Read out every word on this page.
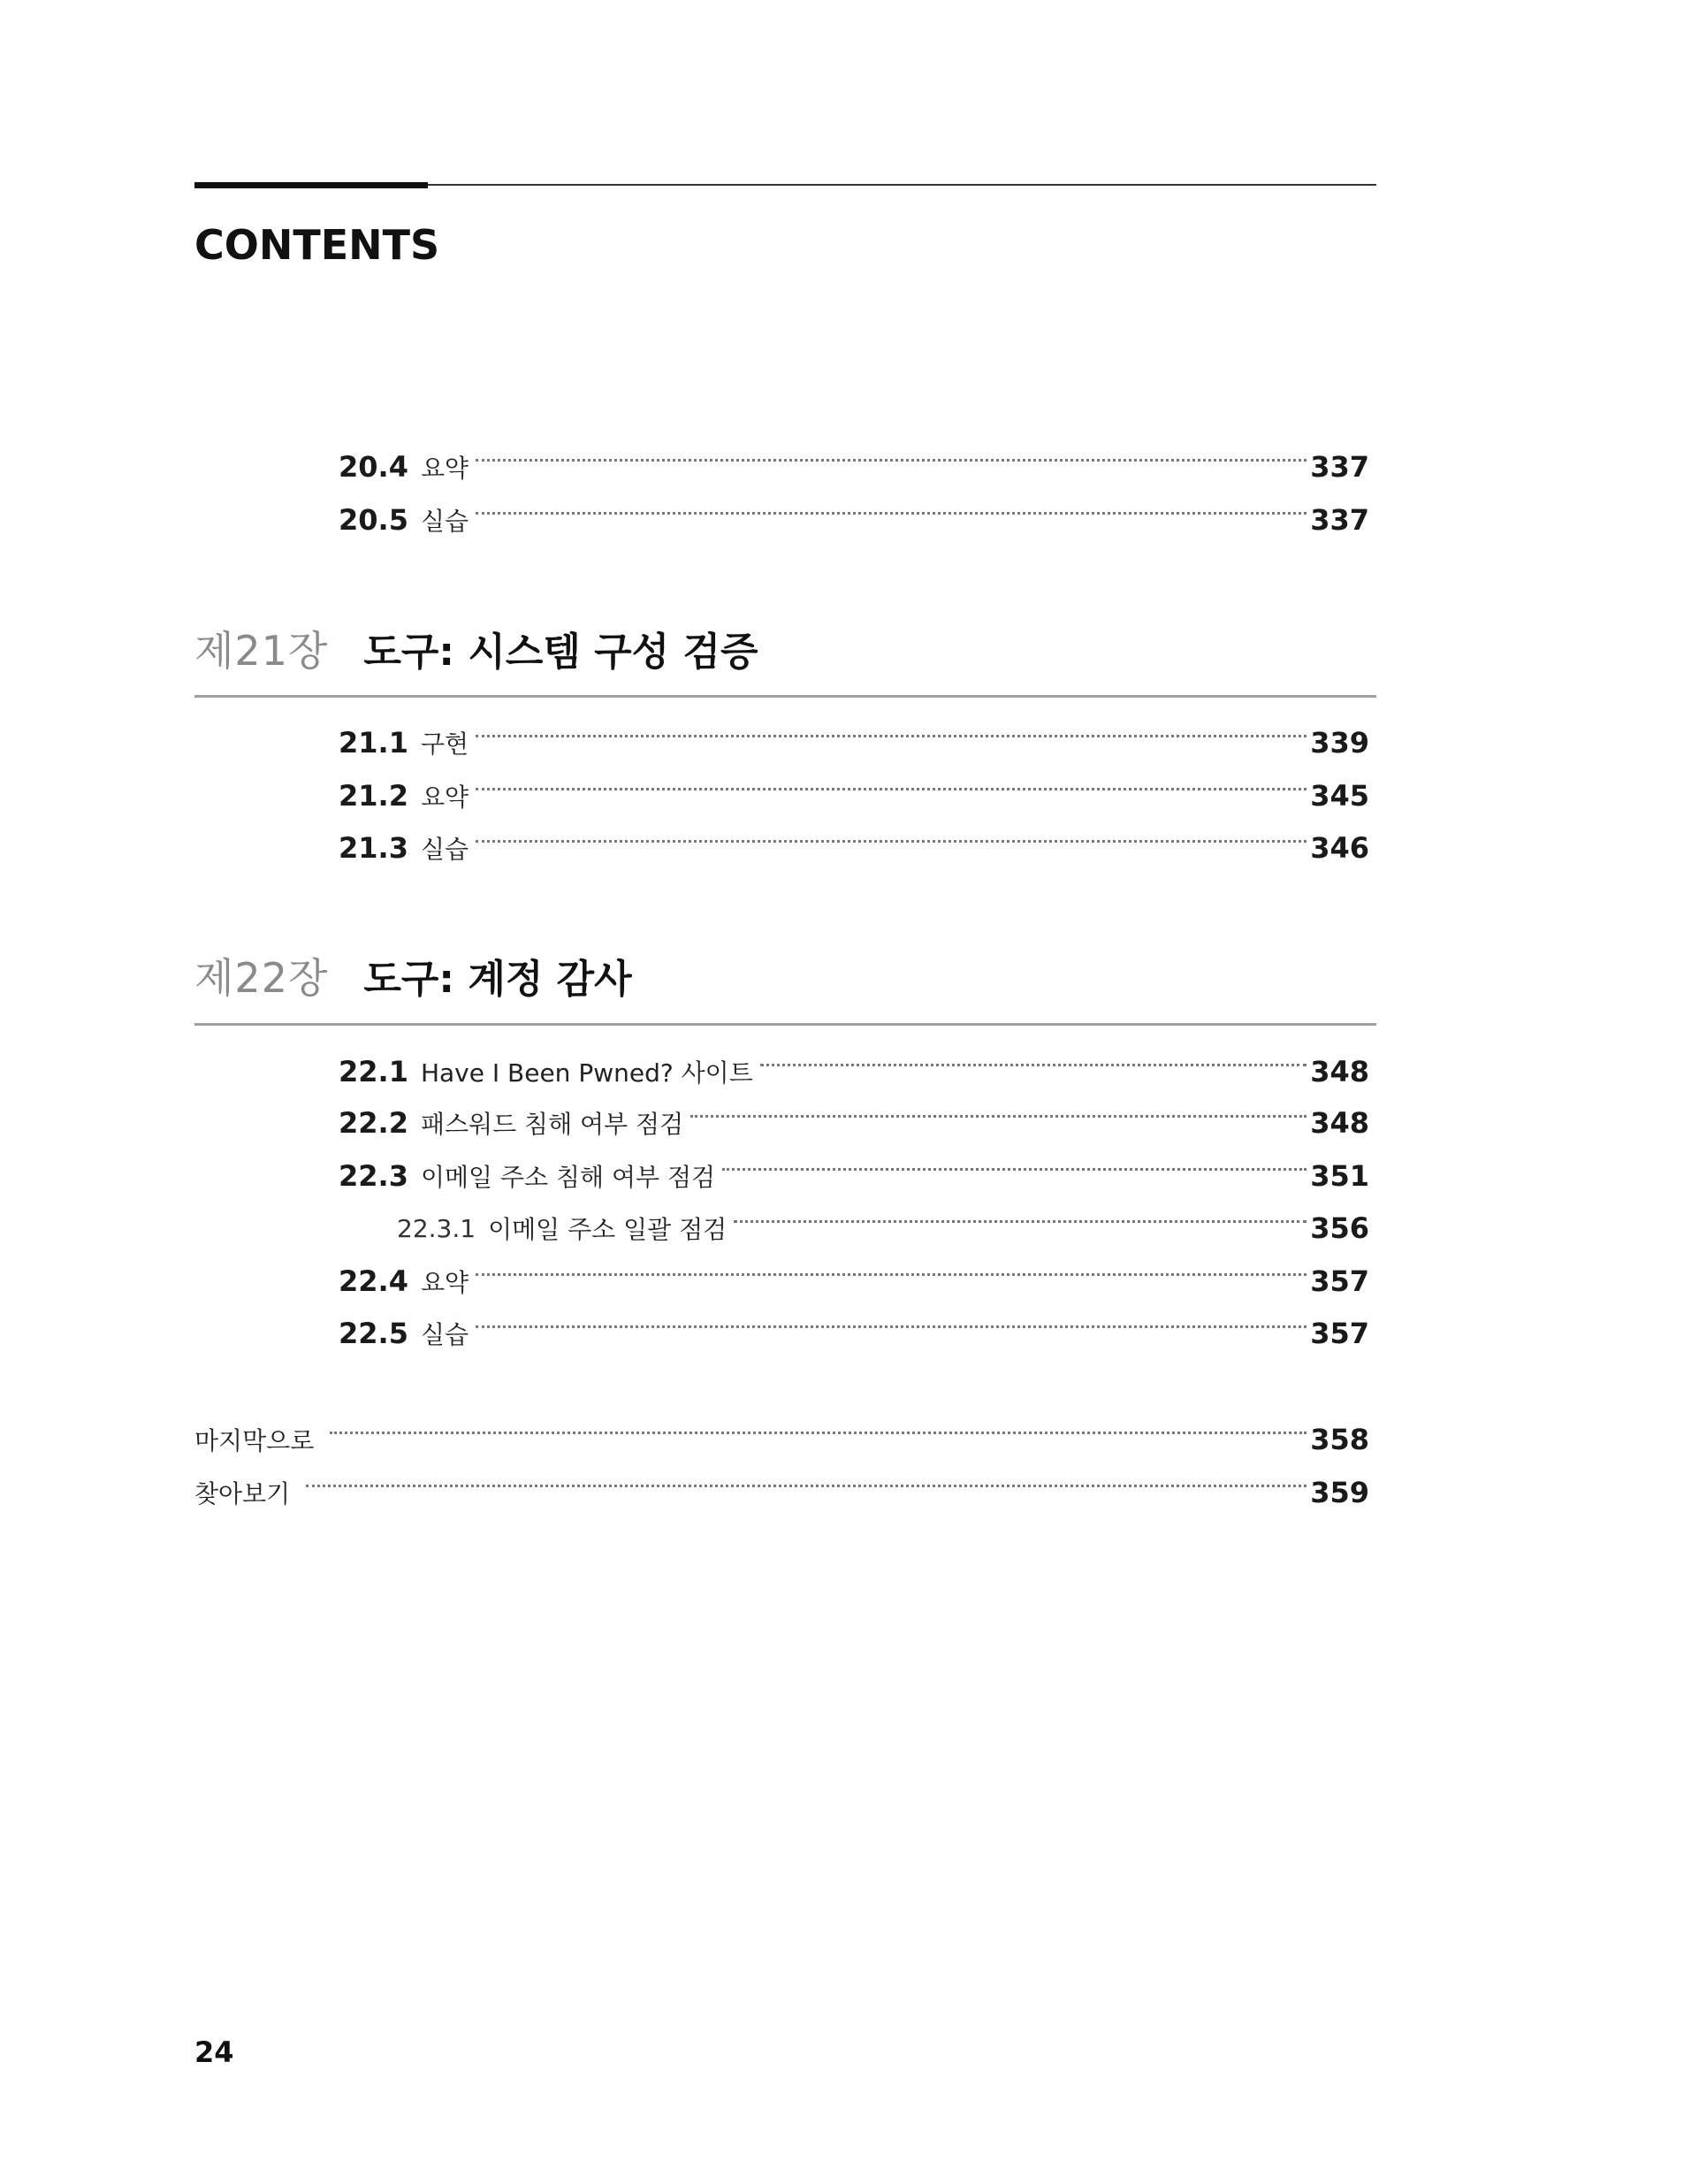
CONTENTS
20.4 요약	337
20.5 실습	337
제21장 도구: 시스템 구성 검증
21.1 구현	339
21.2 요약	345
21.3 실습	346
제22장 도구: 계정 감사
22.1 Have I Been Pwned? 사이트	348
22.2 패스워드 침해 여부 점검	348
22.3 이메일 주소 침해 여부 점검	351
22.3.1 이메일 주소 일괄 점검	356
22.4 요약	357
22.5 실습	357
마지막으로	358
찾아보기	359
24
